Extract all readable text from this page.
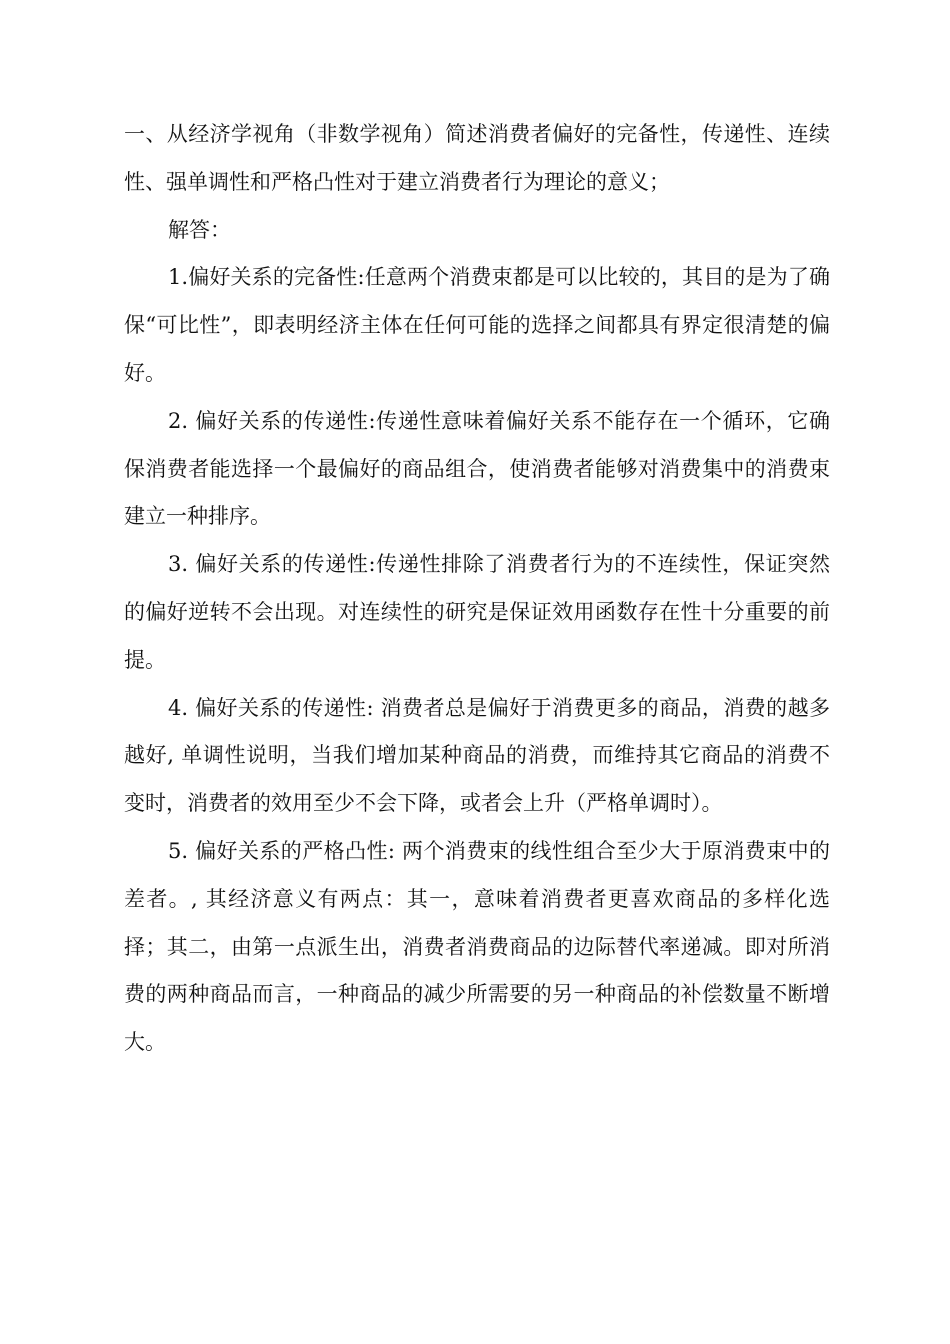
一、从经济学视角（非数学视角）简述消费者偏好的完备性，传递性、连续性、强单调性和严格凸性对于建立消费者行为理论的意义；

解答：

1.偏好关系的完备性:任意两个消费束都是可以比较的，其目的是为了确保“可比性”，即表明经济主体在任何可能的选择之间都具有界定很清楚的偏好。

2. 偏好关系的传递性:传递性意味着偏好关系不能存在一个循环，它确保消费者能选择一个最偏好的商品组合，使消费者能够对消费集中的消费束建立一种排序。

3. 偏好关系的传递性:传递性排除了消费者行为的不连续性，保证突然的偏好逆转不会出现。对连续性的研究是保证效用函数存在性十分重要的前提。

4. 偏好关系的传递性: 消费者总是偏好于消费更多的商品，消费的越多越好, 单调性说明，当我们增加某种商品的消费，而维持其它商品的消费不变时，消费者的效用至少不会下降，或者会上升（严格单调时）。

5. 偏好关系的严格凸性: 两个消费束的线性组合至少大于原消费束中的差者。, 其经济意义有两点：其一，意味着消费者更喜欢商品的多样化选择；其二，由第一点派生出，消费者消费商品的边际替代率递减。即对所消费的两种商品而言，一种商品的减少所需要的另一种商品的补偿数量不断增大。
